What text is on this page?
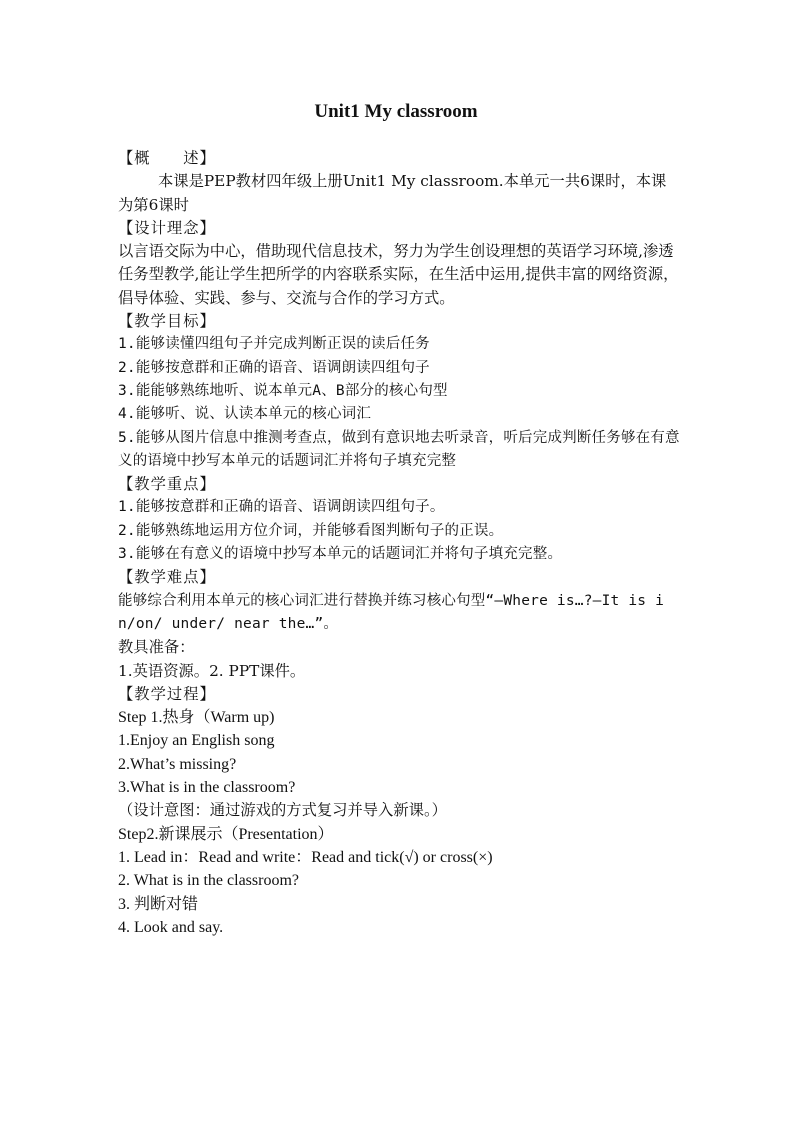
Unit1 My classroom

【概　　述】

本课是PEP教材四年级上册Unit1 My classroom.本单元一共6课时，本课为第6课时

【设计理念】

以言语交际为中心，借助现代信息技术，努力为学生创设理想的英语学习环境,渗透任务型教学,能让学生把所学的内容联系实际，在生活中运用,提供丰富的网络资源，倡导体验、实践、参与、交流与合作的学习方式。

【教学目标】

1.能够读懂四组句子并完成判断正误的读后任务

2.能够按意群和正确的语音、语调朗读四组句子

3.能能够熟练地听、说本单元A、B部分的核心句型

4.能够听、说、认读本单元的核心词汇

5.能够从图片信息中推测考查点，做到有意识地去听录音，听后完成判断任务够在有意义的语境中抄写本单元的话题词汇并将句子填充完整

【教学重点】

1.能够按意群和正确的语音、语调朗读四组句子。

2.能够熟练地运用方位介词，并能够看图判断句子的正误。

3.能够在有意义的语境中抄写本单元的话题词汇并将句子填充完整。

【教学难点】

能够综合利用本单元的核心词汇进行替换并练习核心句型“—Where is…?—It is in/on/ under/ near the…”。

教具准备：

1.英语资源。2. PPT课件。

【教学过程】

Step 1.热身（Warm up)

1.Enjoy an English song

2.What’s missing?

3.What is in the classroom?

（设计意图：通过游戏的方式复习并导入新课。）

Step2.新课展示（Presentation）

1. Lead in：Read and write：Read and tick(√) or cross(×)

2. What is in the classroom?

3. 判断对错

4. Look and say.
